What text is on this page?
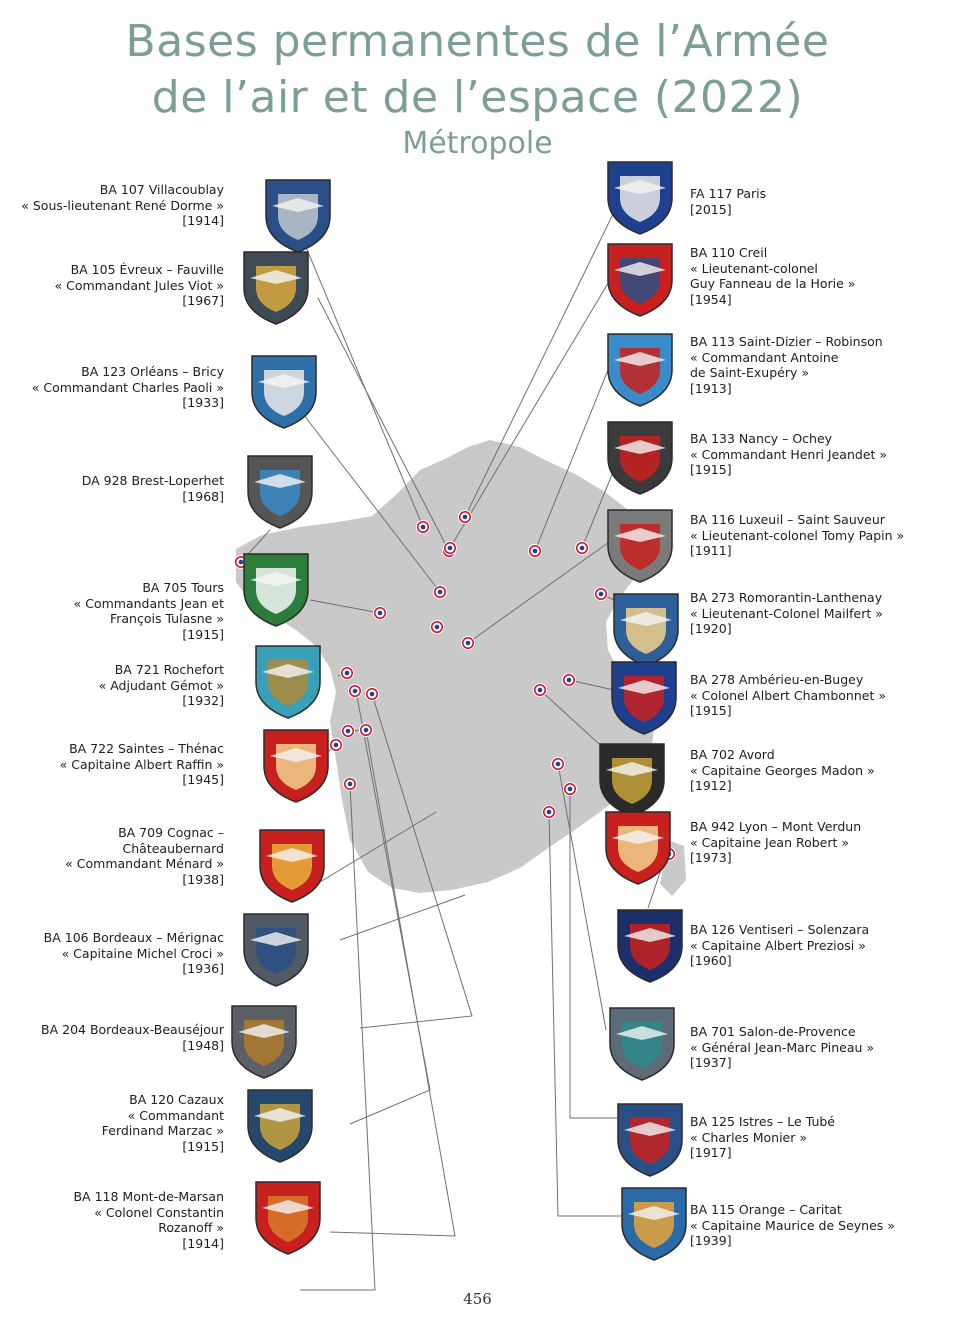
Bases permanentes de l’Armée
de l’air et de l’espace (2022)
Métropole
BA 107 Villacoublay
« Sous-lieutenant René Dorme »
[1914]
BA 105 Évreux – Fauville
« Commandant Jules Viot »
[1967]
BA 123 Orléans – Bricy
« Commandant Charles Paoli »
[1933]
DA 928 Brest-Loperhet
[1968]
BA 705 Tours
« Commandants Jean et
François Tulasne »
[1915]
BA 721 Rochefort
« Adjudant Gémot »
[1932]
BA 722 Saintes – Thénac
« Capitaine Albert Raffin »
[1945]
BA 709 Cognac –
Châteaubernard
« Commandant Ménard »
[1938]
BA 106 Bordeaux – Mérignac
« Capitaine Michel Croci »
[1936]
BA 204 Bordeaux-Beauséjour
[1948]
BA 120 Cazaux
« Commandant
Ferdinand Marzac »
[1915]
BA 118 Mont-de-Marsan
« Colonel Constantin
Rozanoff »
[1914]
FA 117 Paris
[2015]
BA 110 Creil
« Lieutenant-colonel
Guy Fanneau de la Horie »
[1954]
BA 113 Saint-Dizier – Robinson
« Commandant Antoine
de Saint-Exupéry »
[1913]
BA 133 Nancy – Ochey
« Commandant Henri Jeandet »
[1915]
BA 116 Luxeuil – Saint Sauveur
« Lieutenant-colonel Tomy Papin »
[1911]
BA 273 Romorantin-Lanthenay
« Lieutenant-Colonel Mailfert »
[1920]
BA 278 Ambérieu-en-Bugey
« Colonel Albert Chambonnet »
[1915]
BA 702 Avord
« Capitaine Georges Madon »
[1912]
BA 942 Lyon – Mont Verdun
« Capitaine Jean Robert »
[1973]
BA 126 Ventiseri – Solenzara
« Capitaine Albert Preziosi »
[1960]
BA 701 Salon-de-Provence
« Général Jean-Marc Pineau »
[1937]
BA 125 Istres – Le Tubé
« Charles Monier »
[1917]
BA 115 Orange – Caritat
« Capitaine Maurice de Seynes »
[1939]
456
